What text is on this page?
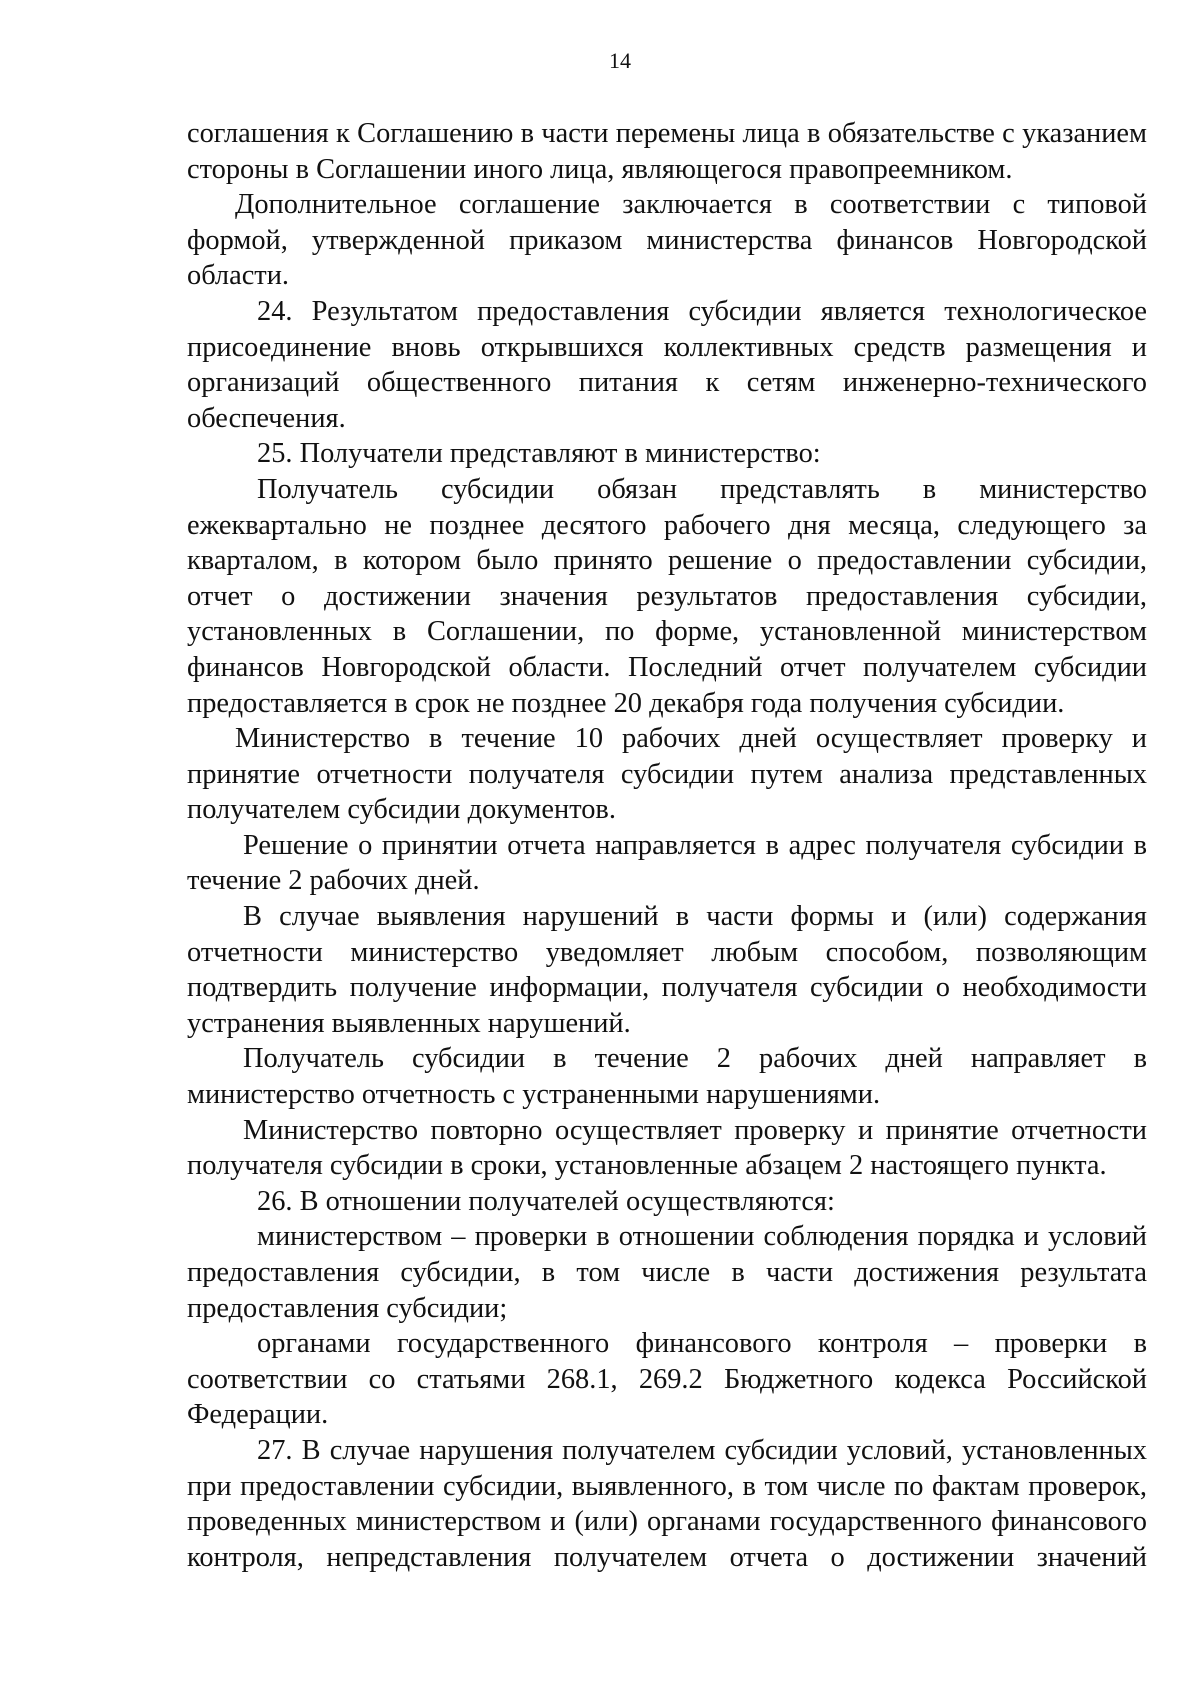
14

соглашения к Соглашению в части перемены лица в обязательстве с указанием стороны в Соглашении иного лица, являющегося правопреемником.

Дополнительное соглашение заключается в соответствии с типовой формой, утвержденной приказом министерства финансов Новгородской области.

24. Результатом предоставления субсидии является технологическое присоединение вновь открывшихся коллективных средств размещения и организаций общественного питания к сетям инженерно-технического обеспечения.

25. Получатели представляют в министерство:

Получатель субсидии обязан представлять в министерство ежеквартально не позднее десятого рабочего дня месяца, следующего за кварталом, в котором было принято решение о предоставлении субсидии, отчет о достижении значения результатов предоставления субсидии, установленных в Соглашении, по форме, установленной министерством финансов Новгородской области. Последний отчет получателем субсидии предоставляется в срок не позднее 20 декабря года получения субсидии.

Министерство в течение 10 рабочих дней осуществляет проверку и принятие отчетности получателя субсидии путем анализа представленных получателем субсидии документов.

Решение о принятии отчета направляется в адрес получателя субсидии в течение 2 рабочих дней.

В случае выявления нарушений в части формы и (или) содержания отчетности министерство уведомляет любым способом, позволяющим подтвердить получение информации, получателя субсидии о необходимости устранения выявленных нарушений.

Получатель субсидии в течение 2 рабочих дней направляет в министерство отчетность с устраненными нарушениями.

Министерство повторно осуществляет проверку и принятие отчетности получателя субсидии в сроки, установленные абзацем 2 настоящего пункта.

26. В отношении получателей осуществляются:

министерством – проверки в отношении соблюдения порядка и условий предоставления субсидии, в том числе в части достижения результата предоставления субсидии;

органами государственного финансового контроля – проверки в соответствии со статьями 268.1, 269.2 Бюджетного кодекса Российской Федерации.

27. В случае нарушения получателем субсидии условий, установленных при предоставлении субсидии, выявленного, в том числе по фактам проверок, проведенных министерством и (или) органами государственного финансового контроля, непредставления получателем отчета о достижении значений
